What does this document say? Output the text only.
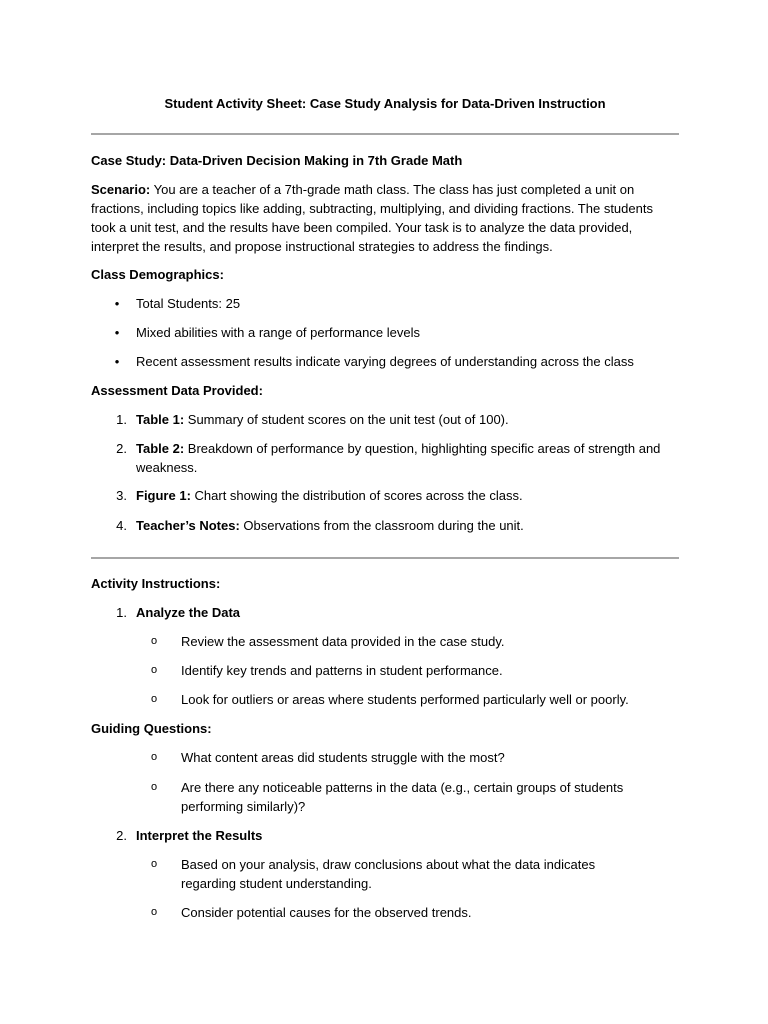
Student Activity Sheet: Case Study Analysis for Data-Driven Instruction
Case Study: Data-Driven Decision Making in 7th Grade Math
Scenario: You are a teacher of a 7th-grade math class. The class has just completed a unit on fractions, including topics like adding, subtracting, multiplying, and dividing fractions. The students took a unit test, and the results have been compiled. Your task is to analyze the data provided, interpret the results, and propose instructional strategies to address the findings.
Class Demographics:
•	Total Students: 25
•	Mixed abilities with a range of performance levels
•	Recent assessment results indicate varying degrees of understanding across the class
Assessment Data Provided:
1. Table 1: Summary of student scores on the unit test (out of 100).
2. Table 2: Breakdown of performance by question, highlighting specific areas of strength and weakness.
3. Figure 1: Chart showing the distribution of scores across the class.
4. Teacher’s Notes: Observations from the classroom during the unit.
Activity Instructions:
1. Analyze the Data
o	Review the assessment data provided in the case study.
o	Identify key trends and patterns in student performance.
o	Look for outliers or areas where students performed particularly well or poorly.
Guiding Questions:
o	What content areas did students struggle with the most?
o	Are there any noticeable patterns in the data (e.g., certain groups of students performing similarly)?
2. Interpret the Results
o	Based on your analysis, draw conclusions about what the data indicates regarding student understanding.
o	Consider potential causes for the observed trends.
